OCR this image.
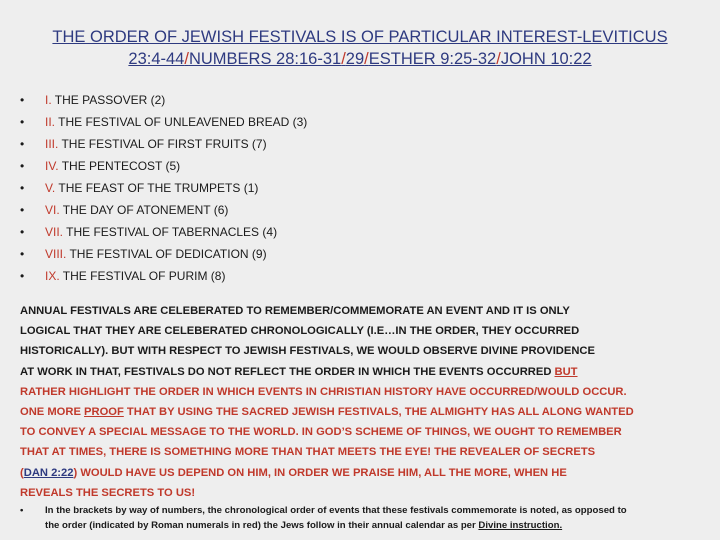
THE ORDER OF JEWISH FESTIVALS IS OF PARTICULAR INTEREST-LEVITICUS
23:4-44/NUMBERS 28:16-31/29/ESTHER 9:25-32/JOHN 10:22
• I. THE PASSOVER (2)
• II. THE FESTIVAL OF UNLEAVENED BREAD (3)
• III. THE FESTIVAL OF FIRST FRUITS (7)
• IV. THE PENTECOST (5)
• V. THE FEAST OF THE TRUMPETS (1)
• VI. THE DAY OF ATONEMENT (6)
• VII. THE FESTIVAL OF TABERNACLES (4)
• VIII. THE FESTIVAL OF DEDICATION (9)
• IX. THE FESTIVAL OF PURIM (8)

ANNUAL FESTIVALS ARE CELEBERATED TO REMEMBER/COMMEMORATE AN EVENT AND IT IS ONLY
LOGICAL THAT THEY ARE CELEBERATED CHRONOLOGICALLY (I.E…IN THE ORDER, THEY OCCURRED
HISTORICALLY). BUT WITH RESPECT TO JEWISH FESTIVALS, WE WOULD OBSERVE DIVINE PROVIDENCE
AT WORK IN THAT, FESTIVALS DO NOT REFLECT THE ORDER IN WHICH THE EVENTS OCCURRED BUT
RATHER HIGHLIGHT THE ORDER IN WHICH EVENTS IN CHRISTIAN HISTORY HAVE OCCURRED/WOULD OCCUR.
ONE MORE PROOF THAT BY USING THE SACRED JEWISH FESTIVALS, THE ALMIGHTY HAS ALL ALONG WANTED
TO CONVEY A SPECIAL MESSAGE TO THE WORLD. IN GOD’S SCHEME OF THINGS, WE OUGHT TO REMEMBER
THAT AT TIMES, THERE IS SOMETHING MORE THAN THAT MEETS THE EYE! THE REVEALER OF SECRETS
(DAN 2:22) WOULD HAVE US DEPEND ON HIM, IN ORDER WE PRAISE HIM, ALL THE MORE, WHEN HE
REVEALS THE SECRETS TO US!

• In the brackets by way of numbers, the chronological order of events that these festivals commemorate is noted, as opposed to
the order (indicated by Roman numerals in red) the Jews follow in their annual calendar as per Divine instruction.
